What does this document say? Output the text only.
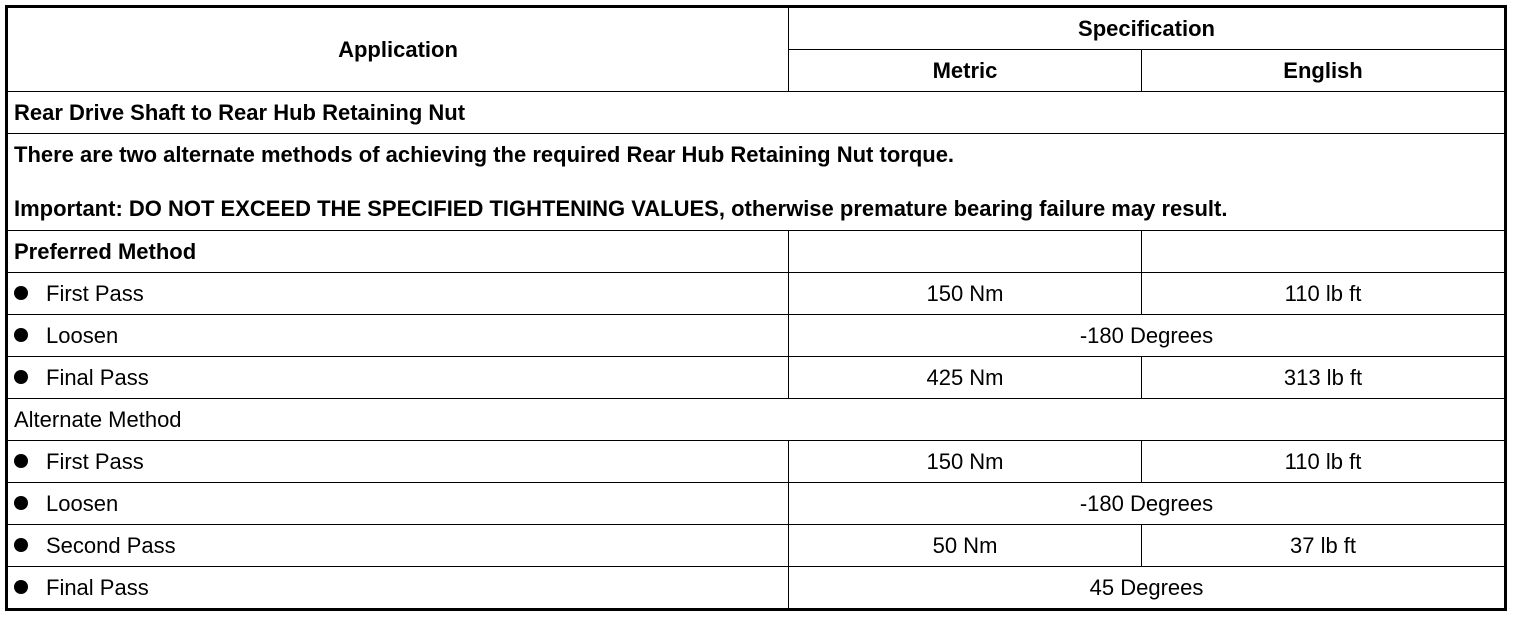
Application	Specification	
	Metric	English
Rear Drive Shaft to Rear Hub Retaining Nut		

There are two alternate methods of achieving the required Rear Hub Retaining Nut torque.
Important: DO NOT EXCEED THE SPECIFIED TIGHTENING VALUES, otherwise premature bearing failure may result.		

Preferred Method		
First Pass	150 Nm	110 lb ft
Loosen	-180 Degrees	
Final Pass	425 Nm	313 lb ft
Alternate Method		
First Pass	150 Nm	110 lb ft
Loosen	-180 Degrees	
Second Pass	50 Nm	37 lb ft
Final Pass	45 Degrees	
